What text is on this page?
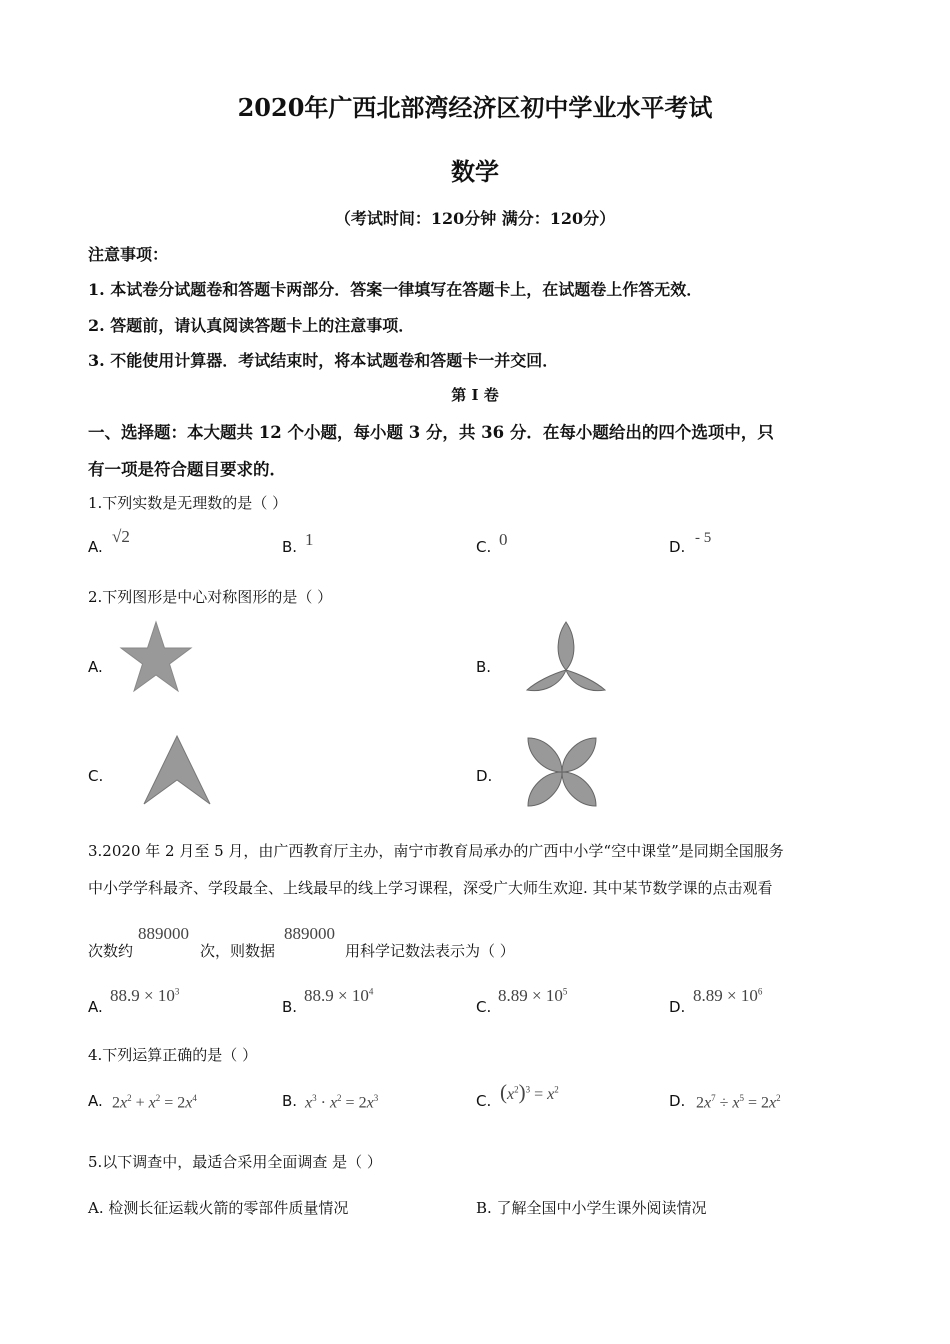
2020年广西北部湾经济区初中学业水平考试
数学
（考试时间：120分钟 满分：120分）
注意事项：
1. 本试卷分试题卷和答题卡两部分．答案一律填写在答题卡上，在试题卷上作答无效．
2. 答题前，请认真阅读答题卡上的注意事项．
3. 不能使用计算器．考试结束时，将本试题卷和答题卡一并交回．
第 I 卷
一、选择题：本大题共 12 个小题，每小题 3 分，共 36 分．在每小题给出的四个选项中，只
有一项是符合题目要求的．
1.下列实数是无理数的是（ ）
A.
√2
B. 1	C. 0	D. - 5
2.下列图形是中心对称图形的是（ ）
A.	B.
C.	D.
3.2020 年 2 月至 5 月，由广西教育厅主办，南宁市教育局承办的广西中小学“空中课堂”是同期全国服务
中小学学科最齐、学段最全、上线最早的线上学习课程，深受广大师生欢迎. 其中某节数学课的点击观看
次数约
889000
次，则数据
889000
用科学记数法表示为（ ）
A.
$88.9 \times 10^3$
B.
$88.9 \times 10^4$
C.
$8.89 \times 10^5$
D.
$8.89 \times 10^6$
4.下列运算正确的是（ ）
A. $2x^2 + x^2 = 2x^4$	B. $x^3 \cdot x^2 = 2x^3$	C. $(x^2)^3 = x^2$
D. $2x^7 \div x^5 = 2x^2$
5.以下调查中，最适合采用全面调查 是（ ）
A. 检测长征运载火箭的零部件质量情况	B. 了解全国中小学生课外阅读情况
